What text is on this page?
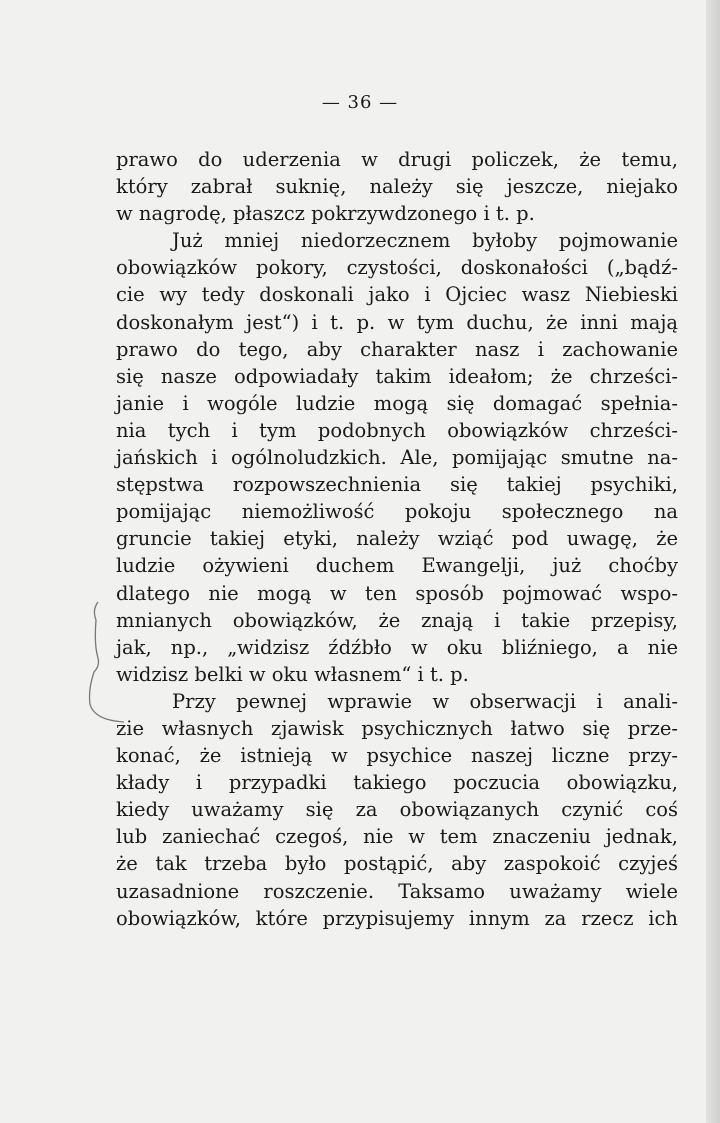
— 36 —
prawo do uderzenia w drugi policzek, że temu,
który zabrał suknię, należy się jeszcze, niejako
w nagrodę, płaszcz pokrzywdzonego i t. p.
Już mniej niedorzecznem byłoby pojmowanie
obowiązków pokory, czystości, doskonałości („bądź-
cie wy tedy doskonali jako i Ojciec wasz Niebieski
doskonałym jest“) i t. p. w tym duchu, że inni mają
prawo do tego, aby charakter nasz i zachowanie
się nasze odpowiadały takim ideałom; że chrześci-
janie i wogóle ludzie mogą się domagać spełnia-
nia tych i tym podobnych obowiązków chrześci-
jańskich i ogólnoludzkich. Ale, pomijając smutne na-
stępstwa rozpowszechnienia się takiej psychiki,
pomijając niemożliwość pokoju społecznego na
gruncie takiej etyki, należy wziąć pod uwagę, że
ludzie ożywieni duchem Ewangelji, już choćby
dlatego nie mogą w ten sposób pojmować wspo-
mnianych obowiązków, że znają i takie przepisy,
jak, np., „widzisz źdźbło w oku bliźniego, a nie
widzisz belki w oku własnem“ i t. p.
Przy pewnej wprawie w obserwacji i anali-
zie własnych zjawisk psychicznych łatwo się prze-
konać, że istnieją w psychice naszej liczne przy-
kłady i przypadki takiego poczucia obowiązku,
kiedy uważamy się za obowiązanych czynić coś
lub zaniechać czegoś, nie w tem znaczeniu jednak,
że tak trzeba było postąpić, aby zaspokoić czyjeś
uzasadnione roszczenie. Taksamo uważamy wiele
obowiązków, które przypisujemy innym za rzecz ich
